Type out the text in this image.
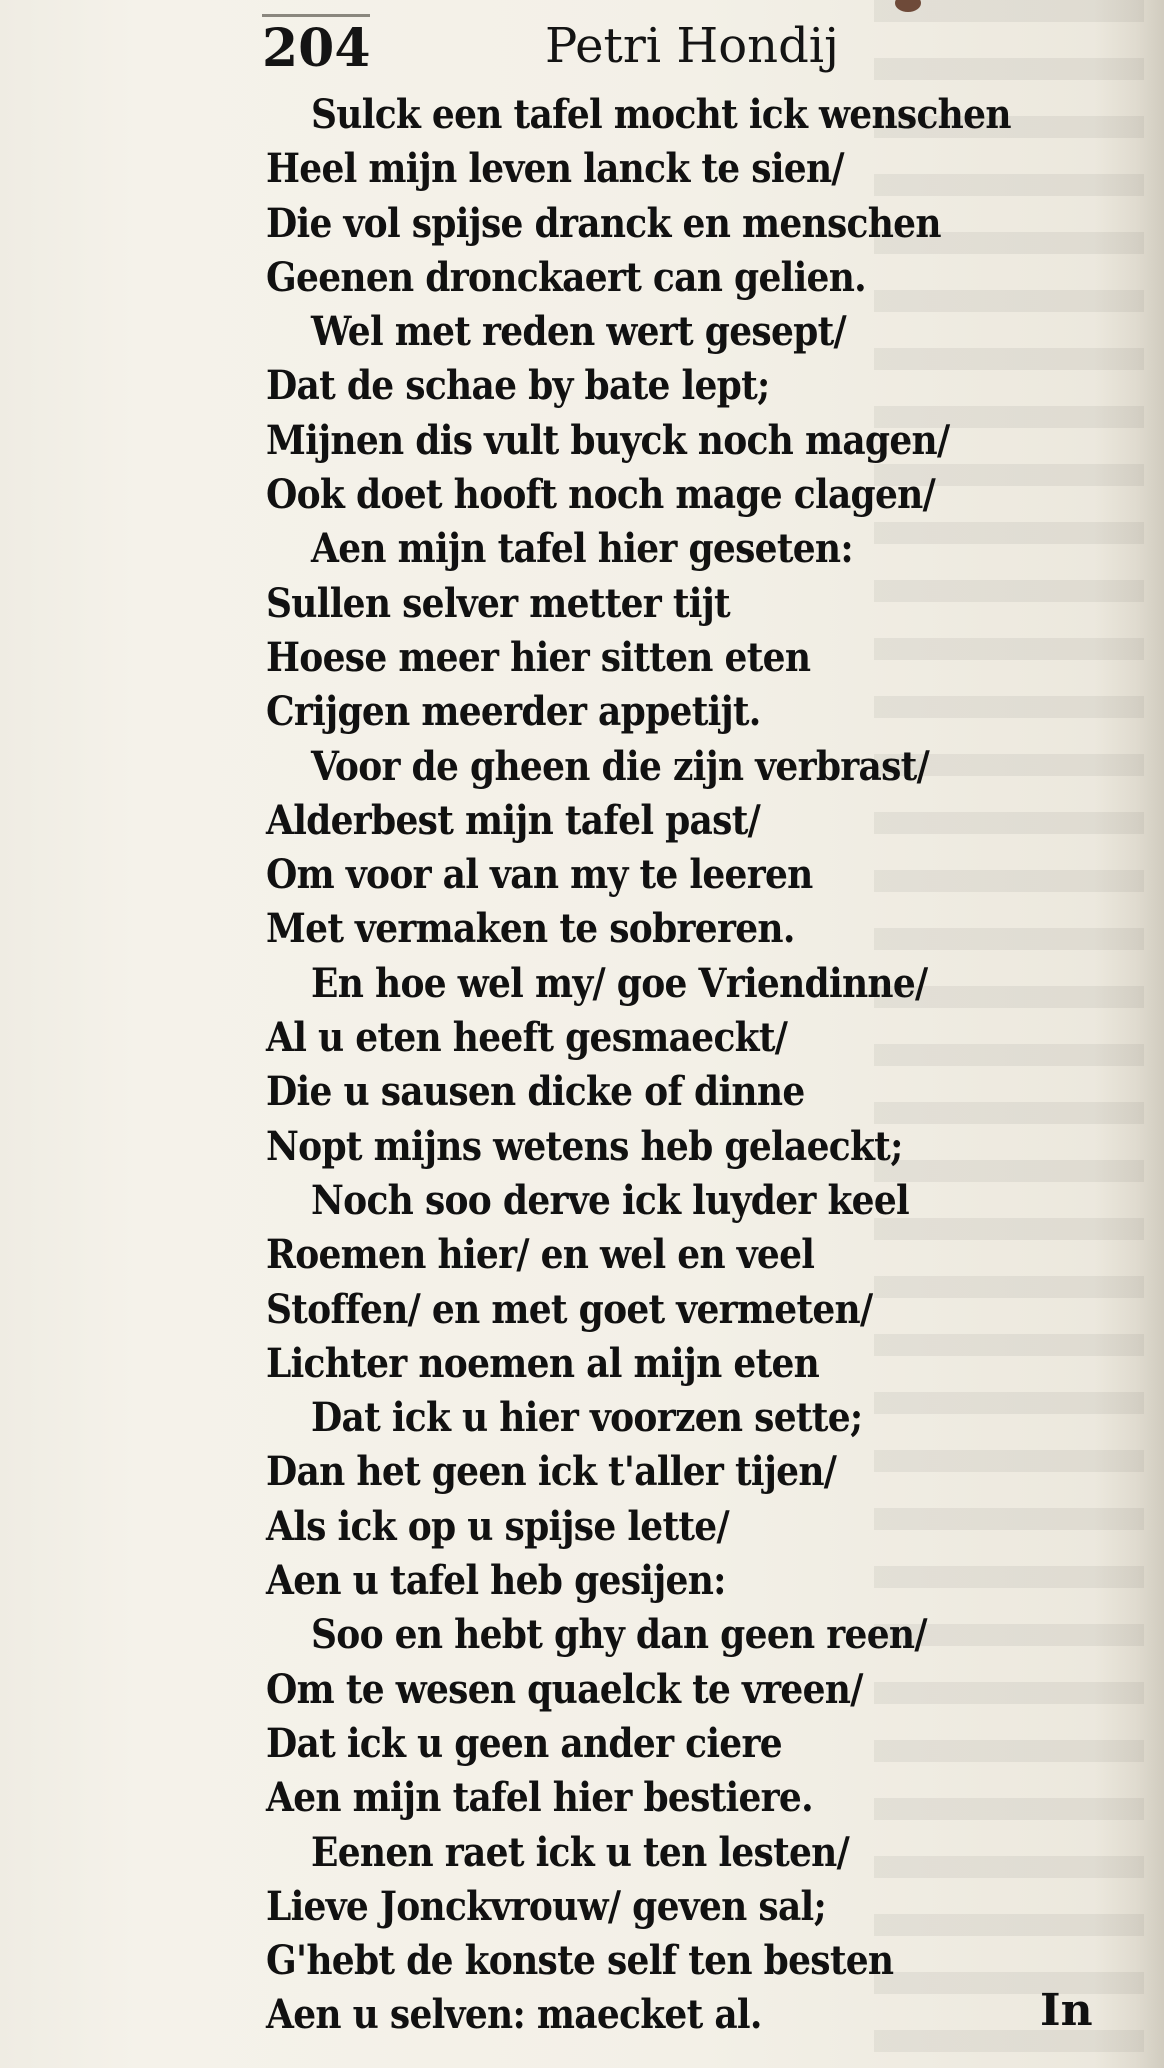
204	Petri Hondij
Sulck een tafel mocht ick wenschen
Heel mijn leven lanck te sien/
Die vol spijse dranck en menschen
Geenen dronckaert can gelien.
Wel met reden wert gesept/
Dat de schae by bate lept;
Mijnen dis vult buyck noch magen/
Ook doet hooft noch mage clagen/
Aen mijn tafel hier geseten:
Sullen selver metter tijt
Hoese meer hier sitten eten
Crijgen meerder appetijt.
Voor de gheen die zijn verbrast/
Alderbest mijn tafel past/
Om voor al van my te leeren
Met vermaken te sobreren.
En hoe wel my/ goe Vriendinne/
Al u eten heeft gesmaeckt/
Die u sausen dicke of dinne
Nopt mijns wetens heb gelaeckt;
Noch soo derve ick luyder keel
Roemen hier/ en wel en veel
Stoffen/ en met goet vermeten/
Lichter noemen al mijn eten
Dat ick u hier voorzen sette;
Dan het geen ick t'aller tijen/
Als ick op u spijse lette/
Aen u tafel heb gesijen:
Soo en hebt ghy dan geen reen/
Om te wesen quaelck te vreen/
Dat ick u geen ander ciere
Aen mijn tafel hier bestiere.
Eenen raet ick u ten lesten/
Lieve Jonckvrouw/ geven sal;
G'hebt de konste self ten besten
Aen u selven: maecket al.	In
